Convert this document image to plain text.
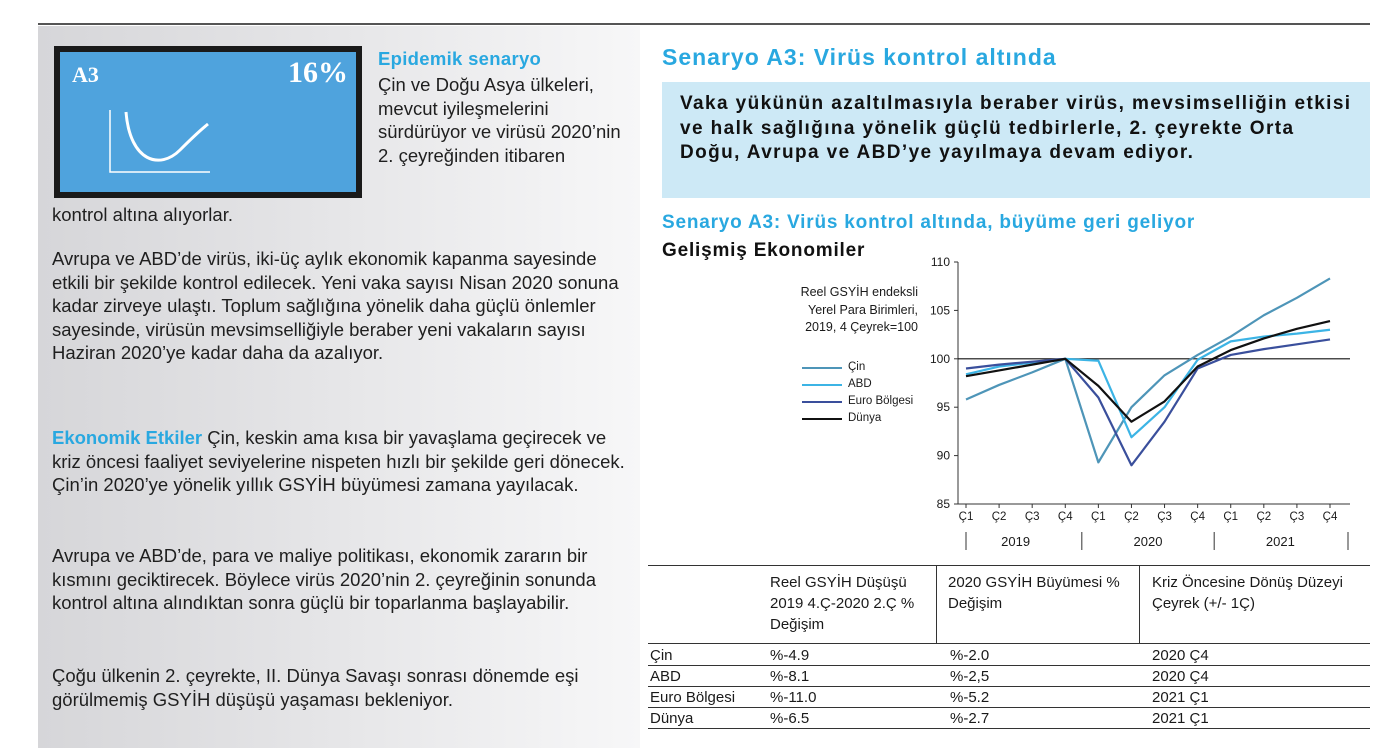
A3	16% Epidemik senaryo
Çin ve Doğu Asya ülkeleri, mevcut iyileşmelerini sürdürüyor ve virüsü 2020’nin 2. çeyreğinden itibaren
kontrol altına alıyorlar.
Avrupa ve ABD’de virüs, iki-üç aylık ekonomik kapanma sayesinde etkili bir şekilde kontrol edilecek. Yeni vaka sayısı Nisan 2020 sonuna kadar zirveye ulaştı. Toplum sağlığına yönelik daha güçlü önlemler sayesinde, virüsün mevsimselliğiyle beraber yeni vakaların sayısı Haziran 2020’ye kadar daha da azalıyor.
Ekonomik Etkiler Çin, keskin ama kısa bir yavaşlama geçirecek ve kriz öncesi faaliyet seviyelerine nispeten hızlı bir şekilde geri dönecek. Çin’in 2020’ye yönelik yıllık GSYİH büyümesi zamana yayılacak.
Avrupa ve ABD’de, para ve maliye politikası, ekonomik zararın bir kısmını geciktirecek. Böylece virüs 2020’nin 2. çeyreğinin sonunda kontrol altına alındıktan sonra güçlü bir toparlanma başlayabilir.
Çoğu ülkenin 2. çeyrekte, II. Dünya Savaşı sonrası dönemde eşi görülmemiş GSYİH düşüşü yaşaması bekleniyor.
Senaryo A3: Virüs kontrol altında
Vaka yükünün azaltılmasıyla beraber virüs, mevsimselliğin etkisi ve halk sağlığına yönelik güçlü tedbirlerle, 2. çeyrekte Orta Doğu, Avrupa ve ABD’ye yayılmaya devam ediyor.
Senaryo A3: Virüs kontrol altında, büyüme geri geliyor
Gelişmiş Ekonomiler
Reel GSYİH endeksli
Yerel Para Birimleri,
2019, 4 Çeyrek=100
Çin
ABD
Euro Bölgesi
Dünya
85
90
95
100
105
110
Ç1 Ç2 Ç3 Ç4 Ç1 Ç2 Ç3 Ç4 Ç1 Ç2 Ç3 Ç4
2019	2020	2021
Reel GSYİH Düşüşü 2019 4.Ç-2020 2.Ç % Değişim
2020 GSYİH Büyümesi % Değişim
Kriz Öncesine Dönüş Düzeyi Çeyrek (+/- 1Ç)
Çin	%-4.9	%-2.0	2020 Ç4
ABD	%-8.1	%-2,5	2020 Ç4
Euro Bölgesi %-11.0	%-5.2	2021 Ç1
Dünya	%-6.5	%-2.7	2021 Ç1
